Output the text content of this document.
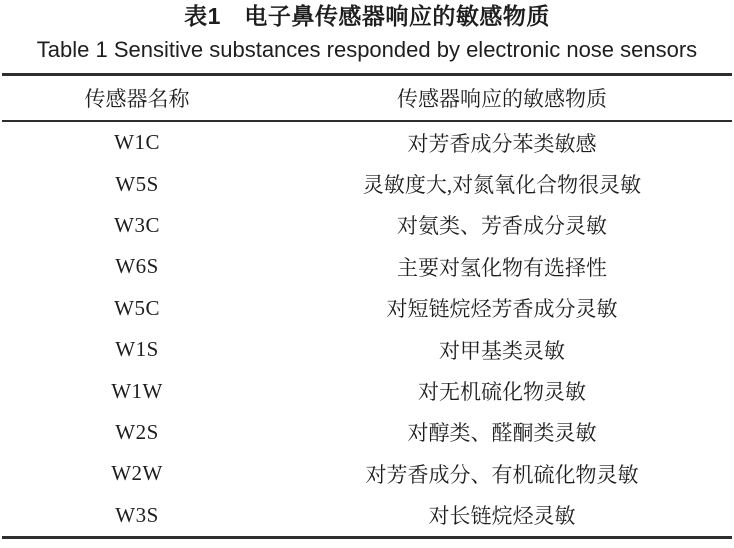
表1　电子鼻传感器响应的敏感物质
Table 1 Sensitive substances responded by electronic nose sensors
传感器名称	传感器响应的敏感物质
W1C	对芳香成分苯类敏感
W5S	灵敏度大,对氮氧化合物很灵敏
W3C	对氨类、芳香成分灵敏
W6S	主要对氢化物有选择性
W5C	对短链烷烃芳香成分灵敏
W1S	对甲基类灵敏
W1W	对无机硫化物灵敏
W2S	对醇类、醛酮类灵敏
W2W	对芳香成分、有机硫化物灵敏
W3S	对长链烷烃灵敏
